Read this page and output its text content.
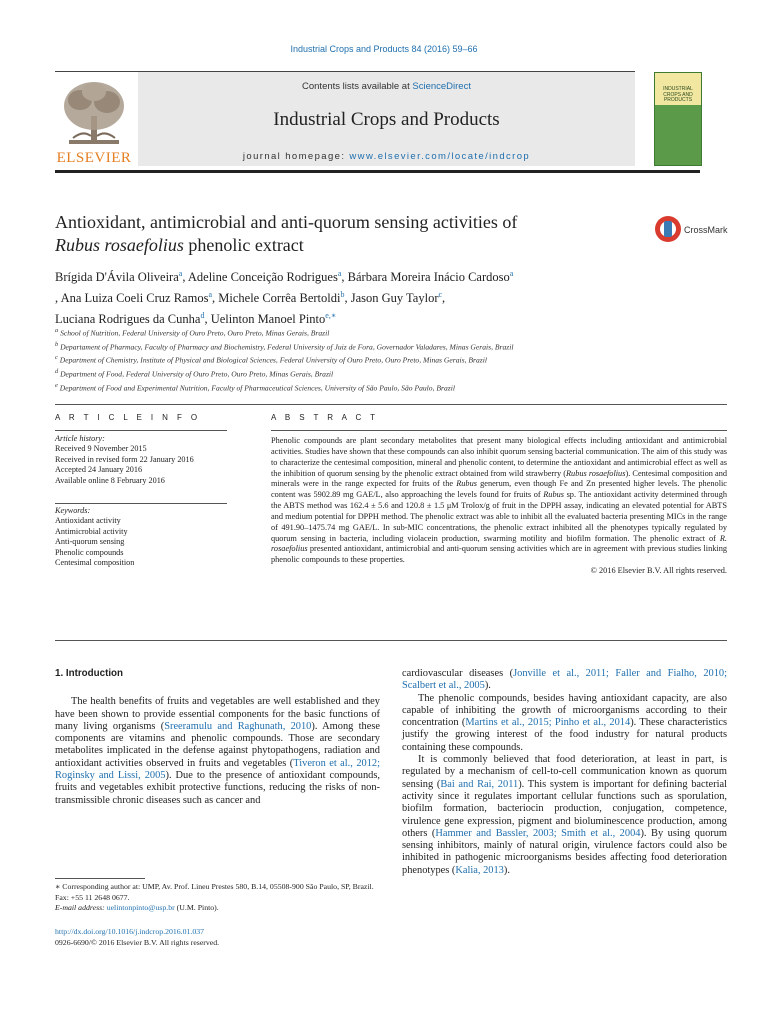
Industrial Crops and Products 84 (2016) 59–66
Contents lists available at ScienceDirect
Industrial Crops and Products
journal homepage: www.elsevier.com/locate/indcrop
ELSEVIER
INDUSTRIAL CROPS AND PRODUCTS
Antioxidant, antimicrobial and anti-quorum sensing activities of
Rubus rosaefolius phenolic extract
CrossMark
Brígida D'Ávila Oliveira$^a$, Adeline Conceição Rodrigues$^a$, Bárbara Moreira Inácio Cardoso$^a$
, Ana Luiza Coeli Cruz Ramos$^a$, Michele Corrêa Bertoldi$^b$, Jason Guy Taylor$^c$,
Luciana Rodrigues da Cunha$^d$, Uelinton Manoel Pinto$^{e,∗}$
$^a$ School of Nutrition, Federal University of Ouro Preto, Ouro Preto, Minas Gerais, Brazil
$^b$ Departament of Pharmacy, Faculty of Pharmacy and Biochemistry, Federal University of Juiz de Fora, Governador Valadares, Minas Gerais, Brazil
$^c$ Department of Chemistry, Institute of Physical and Biological Sciences, Federal University of Ouro Preto, Ouro Preto, Minas Gerais, Brazil
$^d$ Department of Food, Federal University of Ouro Preto, Ouro Preto, Minas Gerais, Brazil
$^e$ Department of Food and Experimental Nutrition, Faculty of Pharmaceutical Sciences, University of São Paulo, São Paulo, Brazil
A R T I C L E I N F O	A B S T R A C T
Article history:
Received 9 November 2015
Received in revised form 22 January 2016
Accepted 24 January 2016
Available online 8 February 2016
Keywords:
Antioxidant activity
Antimicrobial activity
Anti-quorum sensing
Phenolic compounds
Centesimal composition

Phenolic compounds are plant secondary metabolites that present many biological effects including antioxidant and antimicrobial activities. Studies have shown that these compounds can also inhibit quorum sensing bacterial communication. The aim of this study was to characterize the centesimal composition, mineral and phenolic content, to determine the antioxidant and antimicrobial effect as well as the inhibition of quorum sensing by the phenolic extract obtained from wild strawberry (Rubus rosaefolius). Centesimal composition and minerals were in the range expected for fruits of the Rubus generum, even though Fe and Zn presented higher levels. The phenolic content was 5902.89 mg GAE/L, also approaching the levels found for fruits of Rubus sp. The antioxidant activity determined through the ABTS method was 162.4 ± 5.6 and 120.8 ± 1.5 μM Trolox/g of fruit in the DPPH assay, indicating an elevated potential for ABTS and medium potential for DPPH method. The phenolic extract was able to inhibit all the evaluated bacteria presenting MICs in the range of 491.90–1475.74 mg GAE/L. In sub-MIC concentrations, the phenolic extract inhibited all the phenotypes typically regulated by quorum sensing in bacteria, including violacein production, swarming motility and biofilm formation. The phenolic extract of R. rosaefolius presented antioxidant, antimicrobial and anti-quorum sensing activities which are in agreement with previous studies linking phenolic compounds to these properties.

© 2016 Elsevier B.V. All rights reserved.

1. Introduction

The health benefits of fruits and vegetables are well established and they have been shown to provide essential components for the basic functions of many living organisms (Sreeramulu and Raghunath, 2010). Among these components are vitamins and phenolic compounds. Those are secondary metabolites implicated in the defense against phytopathogens, radiation and antioxidant activities observed in fruits and vegetables (Tiveron et al., 2012; Roginsky and Lissi, 2005). Due to the presence of antioxidant compounds, fruits and vegetables exhibit protective functions, reducing the risks of non-transmissible chronic diseases such as cancer and

cardiovascular diseases (Jonville et al., 2011; Faller and Fialho, 2010; Scalbert et al., 2005).

The phenolic compounds, besides having antioxidant capacity, are also capable of inhibiting the growth of microorganisms according to their concentration (Martins et al., 2015; Pinho et al., 2014). These characteristics justify the growing interest of the food industry for natural products containing these compounds.

It is commonly believed that food deterioration, at least in part, is regulated by a mechanism of cell-to-cell communication known as quorum sensing (Bai and Rai, 2011). This system is important for defining bacterial activity since it regulates important cellular functions such as sporulation, biofilm formation, bacteriocin production, conjugation, competence, virulence gene expression, pigment and bioluminescence production, among others (Hammer and Bassler, 2003; Smith et al., 2004). By using quorum sensing inhibitors, mainly of natural origin, virulence factors could also be inhibited in pathogenic microorganisms besides affecting food deterioration phenotypes (Kalia, 2013).

∗ Corresponding author at: UMP, Av. Prof. Lineu Prestes 580, B.14, 05508-900 São Paulo, SP, Brazil. Fax: +55 11 2648 0677.
E-mail address: uelintonpinto@usp.br (U.M. Pinto).
http://dx.doi.org/10.1016/j.indcrop.2016.01.037
0926-6690/© 2016 Elsevier B.V. All rights reserved.
